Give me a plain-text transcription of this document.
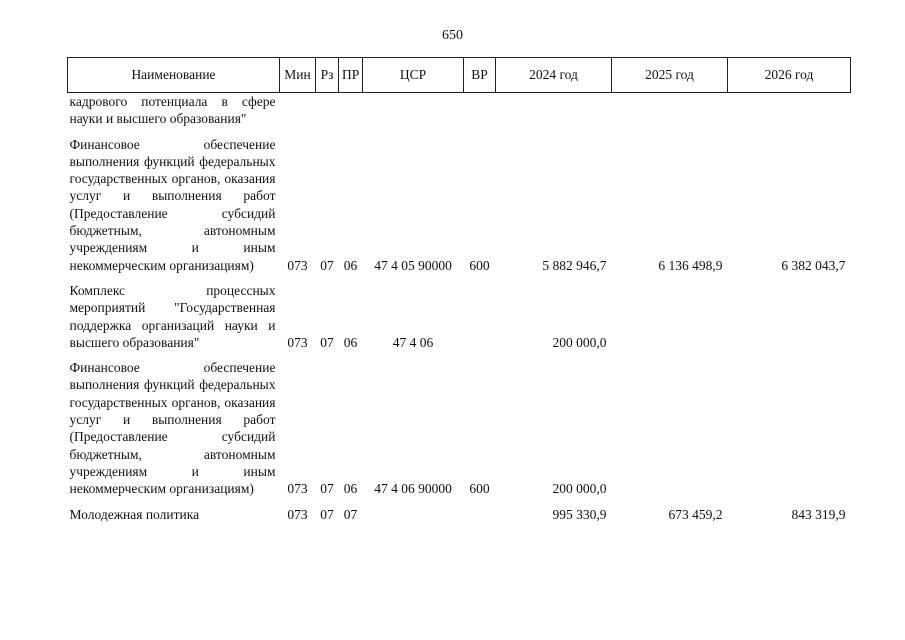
650
Наименование	Мин	Рз	ПР	ЦСР	ВР	2024 год	2025 год	2026 год
кадрового потенциала в сфере науки и высшего образования"								
Финансовое обеспечение выполнения функций федеральных государственных органов, оказания услуг и выполнения работ (Предоставление субсидий бюджетным, автономным учреждениям и иным некоммерческим организациям)	073	07	06	47 4 05 90000	600	5 882 946,7	6 136 498,9	6 382 043,7
Комплекс процессных мероприятий "Государственная поддержка организаций науки и высшего образования"	073	07	06	47 4 06		200 000,0		
Финансовое обеспечение выполнения функций федеральных государственных органов, оказания услуг и выполнения работ (Предоставление субсидий бюджетным, автономным учреждениям и иным некоммерческим организациям)	073	07	06	47 4 06 90000	600	200 000,0		
Молодежная политика	073	07	07			995 330,9	673 459,2	843 319,9
